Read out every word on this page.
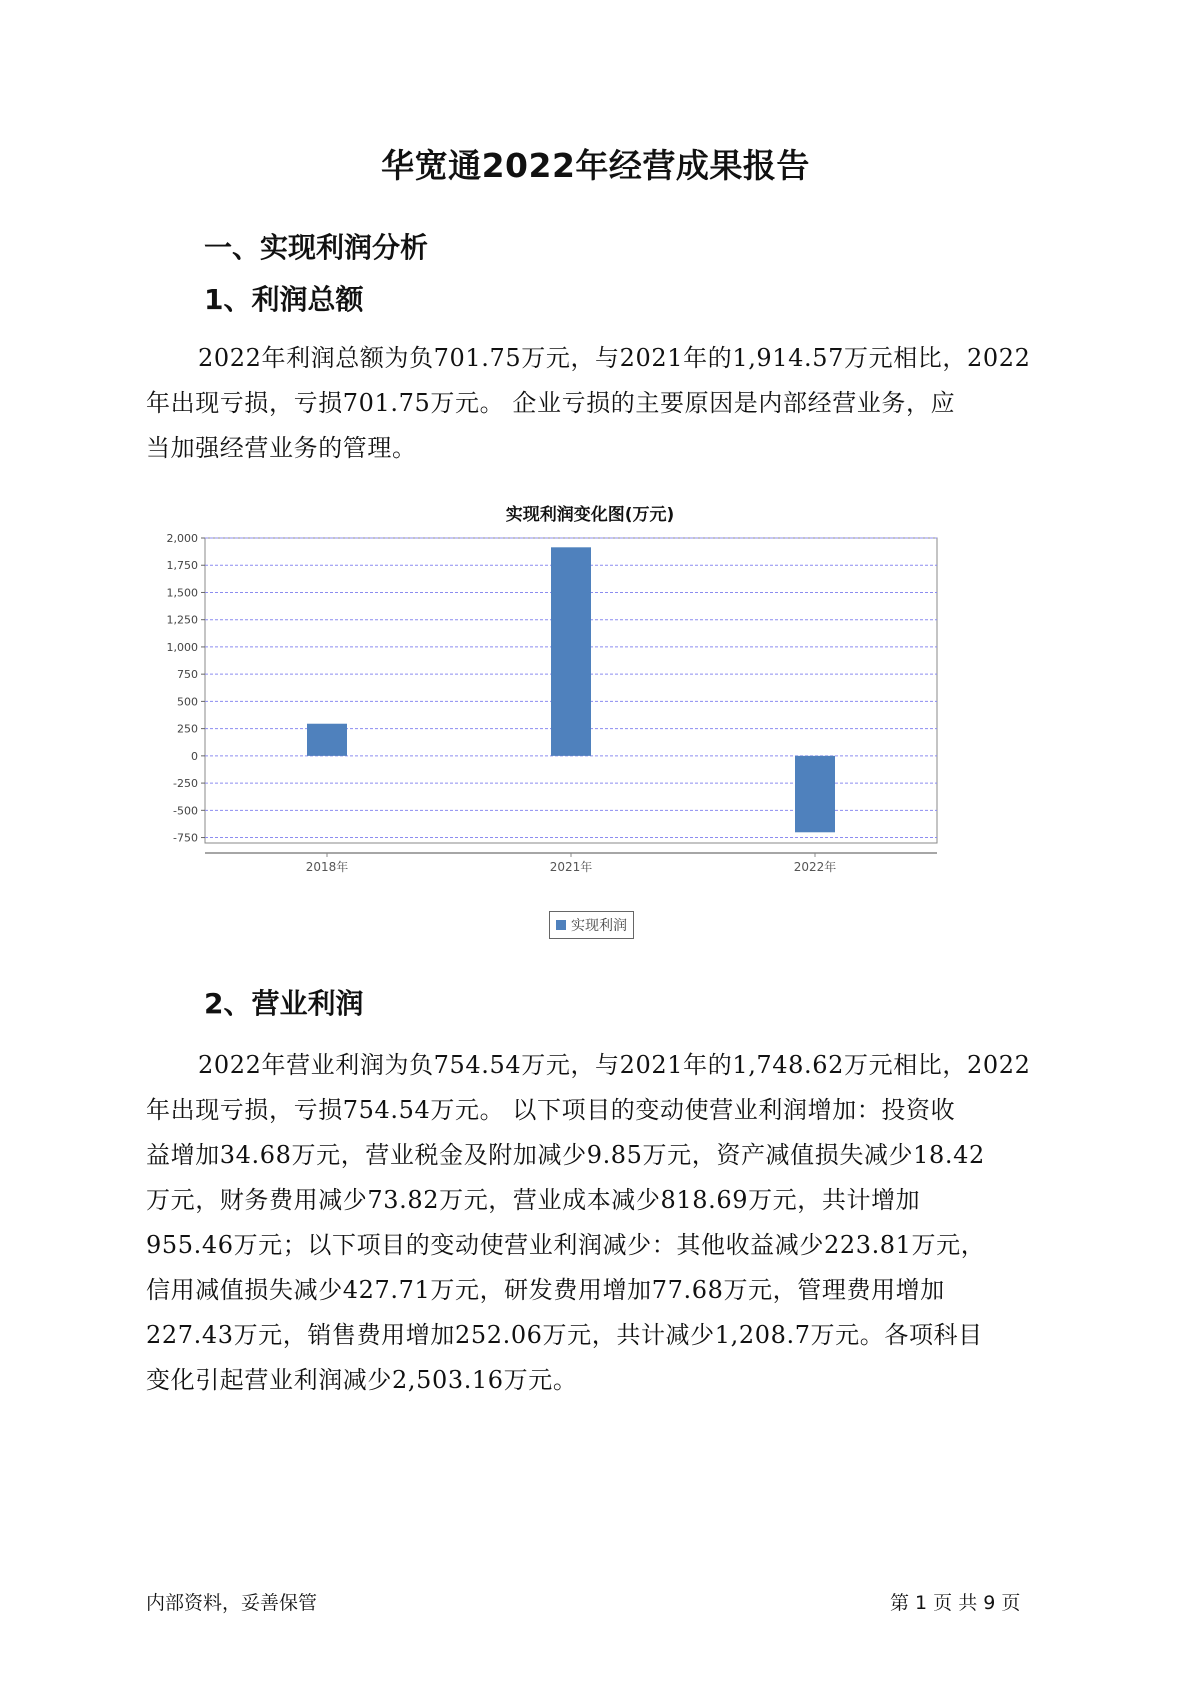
华宽通2022年经营成果报告
一、实现利润分析
1、利润总额
2022年利润总额为负701.75万元，与2021年的1,914.57万元相比，2022
年出现亏损，亏损701.75万元。 企业亏损的主要原因是内部经营业务，应
当加强经营业务的管理。
实现利润变化图(万元)
2,000
1,750
1,500
1,250
1,000
750
500
250
0
-250
-500
-750
2018年	2021年	2022年
实现利润
2、营业利润
2022年营业利润为负754.54万元，与2021年的1,748.62万元相比，2022
年出现亏损，亏损754.54万元。 以下项目的变动使营业利润增加：投资收
益增加34.68万元，营业税金及附加减少9.85万元，资产减值损失减少18.42
万元，财务费用减少73.82万元，营业成本减少818.69万元，共计增加
955.46万元；以下项目的变动使营业利润减少：其他收益减少223.81万元，
信用减值损失减少427.71万元，研发费用增加77.68万元，管理费用增加
227.43万元，销售费用增加252.06万元，共计减少1,208.7万元。各项科目
变化引起营业利润减少2,503.16万元。
内部资料，妥善保管	第 1 页 共 9 页
